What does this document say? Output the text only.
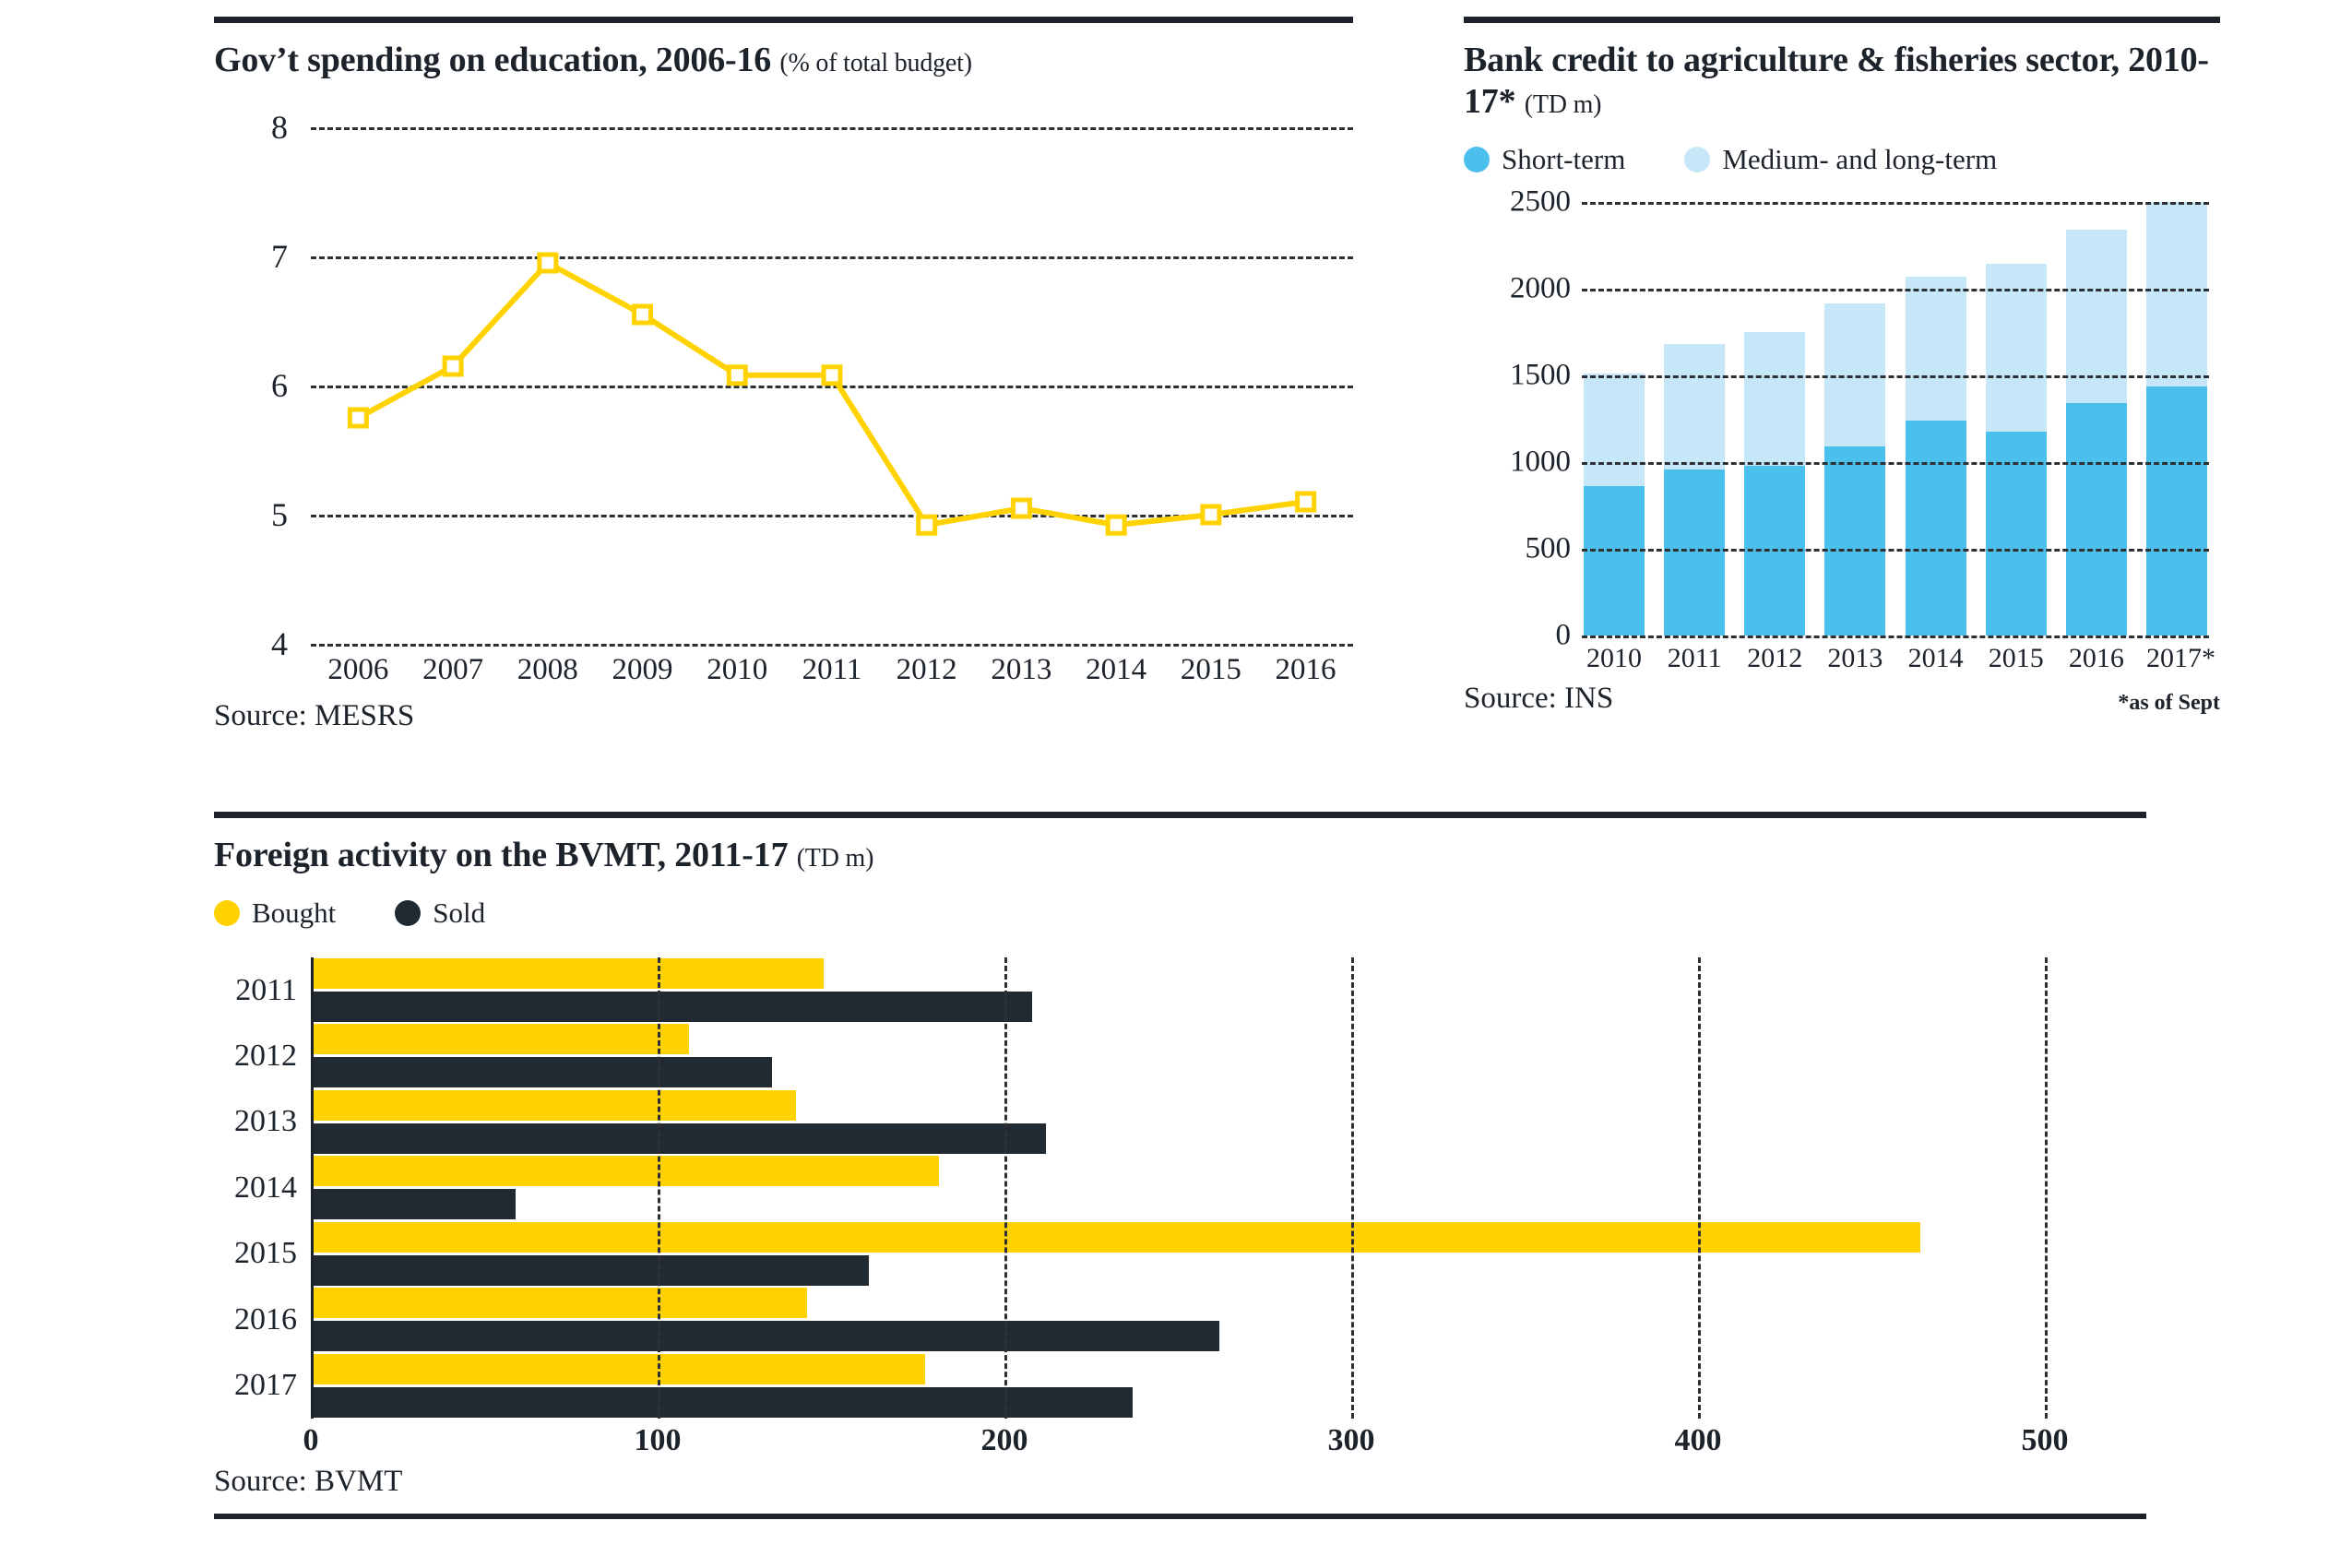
Gov’t spending on education, 2006-16 (% of total budget)
4
5
6
7
8
2006	2007	2008	2009	2010	2011	2012	2013	2014	2015	2016
Source: MESRS
Bank credit to agriculture & fisheries sector, 2010-17* (TD m)
Short-term	Medium- and long-term
0
500
1000
1500
2000
2500
2010 2011 2012 2013 2014 2015 2016 2017*
Source: INS	*as of Sept
Foreign activity on the BVMT, 2011-17 (TD m)
Bought	Sold
2011
2012
2013
2014
2015
2016
2017
0	100	200	300	400	500
Source: BVMT
